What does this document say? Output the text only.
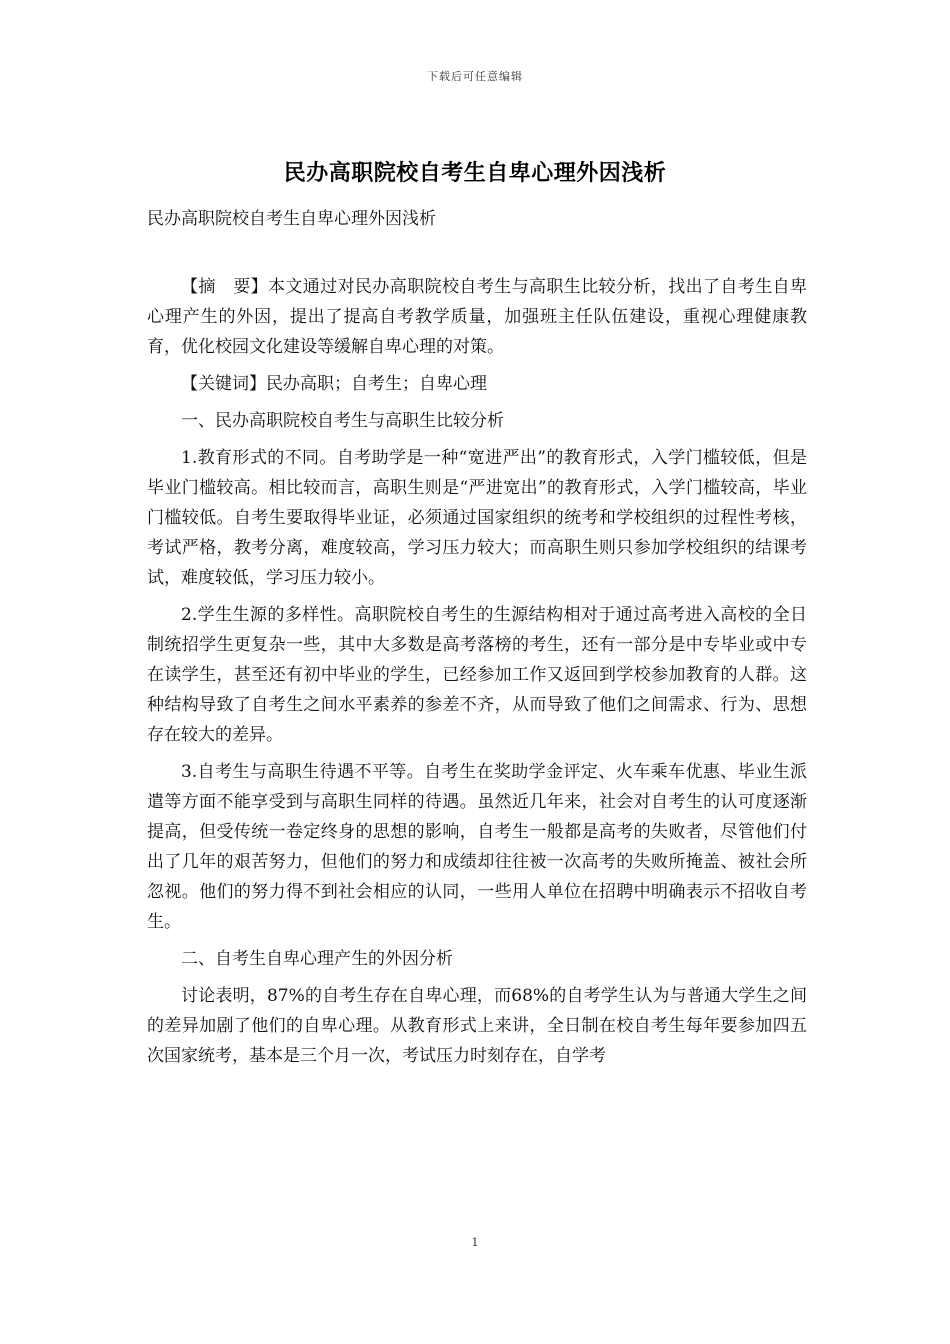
下载后可任意编辑
民办高职院校自考生自卑心理外因浅析
民办高职院校自考生自卑心理外因浅析

【摘　要】本文通过对民办高职院校自考生与高职生比较分析，找出了自考生自卑心理产生的外因，提出了提高自考教学质量，加强班主任队伍建设，重视心理健康教育，优化校园文化建设等缓解自卑心理的对策。

【关键词】民办高职；自考生；自卑心理

一、民办高职院校自考生与高职生比较分析

1.教育形式的不同。自考助学是一种“宽进严出”的教育形式，入学门槛较低，但是毕业门槛较高。相比较而言，高职生则是“严进宽出”的教育形式，入学门槛较高，毕业门槛较低。自考生要取得毕业证，必须通过国家组织的统考和学校组织的过程性考核，考试严格，教考分离，难度较高，学习压力较大；而高职生则只参加学校组织的结课考试，难度较低，学习压力较小。

2.学生生源的多样性。高职院校自考生的生源结构相对于通过高考进入高校的全日制统招学生更复杂一些，其中大多数是高考落榜的考生，还有一部分是中专毕业或中专在读学生，甚至还有初中毕业的学生，已经参加工作又返回到学校参加教育的人群。这种结构导致了自考生之间水平素养的参差不齐，从而导致了他们之间需求、行为、思想存在较大的差异。

3.自考生与高职生待遇不平等。自考生在奖助学金评定、火车乘车优惠、毕业生派遣等方面不能享受到与高职生同样的待遇。虽然近几年来，社会对自考生的认可度逐渐提高，但受传统一卷定终身的思想的影响，自考生一般都是高考的失败者，尽管他们付出了几年的艰苦努力，但他们的努力和成绩却往往被一次高考的失败所掩盖、被社会所忽视。他们的努力得不到社会相应的认同，一些用人单位在招聘中明确表示不招收自考生。

二、自考生自卑心理产生的外因分析

讨论表明，87%的自考生存在自卑心理，而68%的自考学生认为与普通大学生之间的差异加剧了他们的自卑心理。从教育形式上来讲，全日制在校自考生每年要参加四五次国家统考，基本是三个月一次，考试压力时刻存在，自学考

1
